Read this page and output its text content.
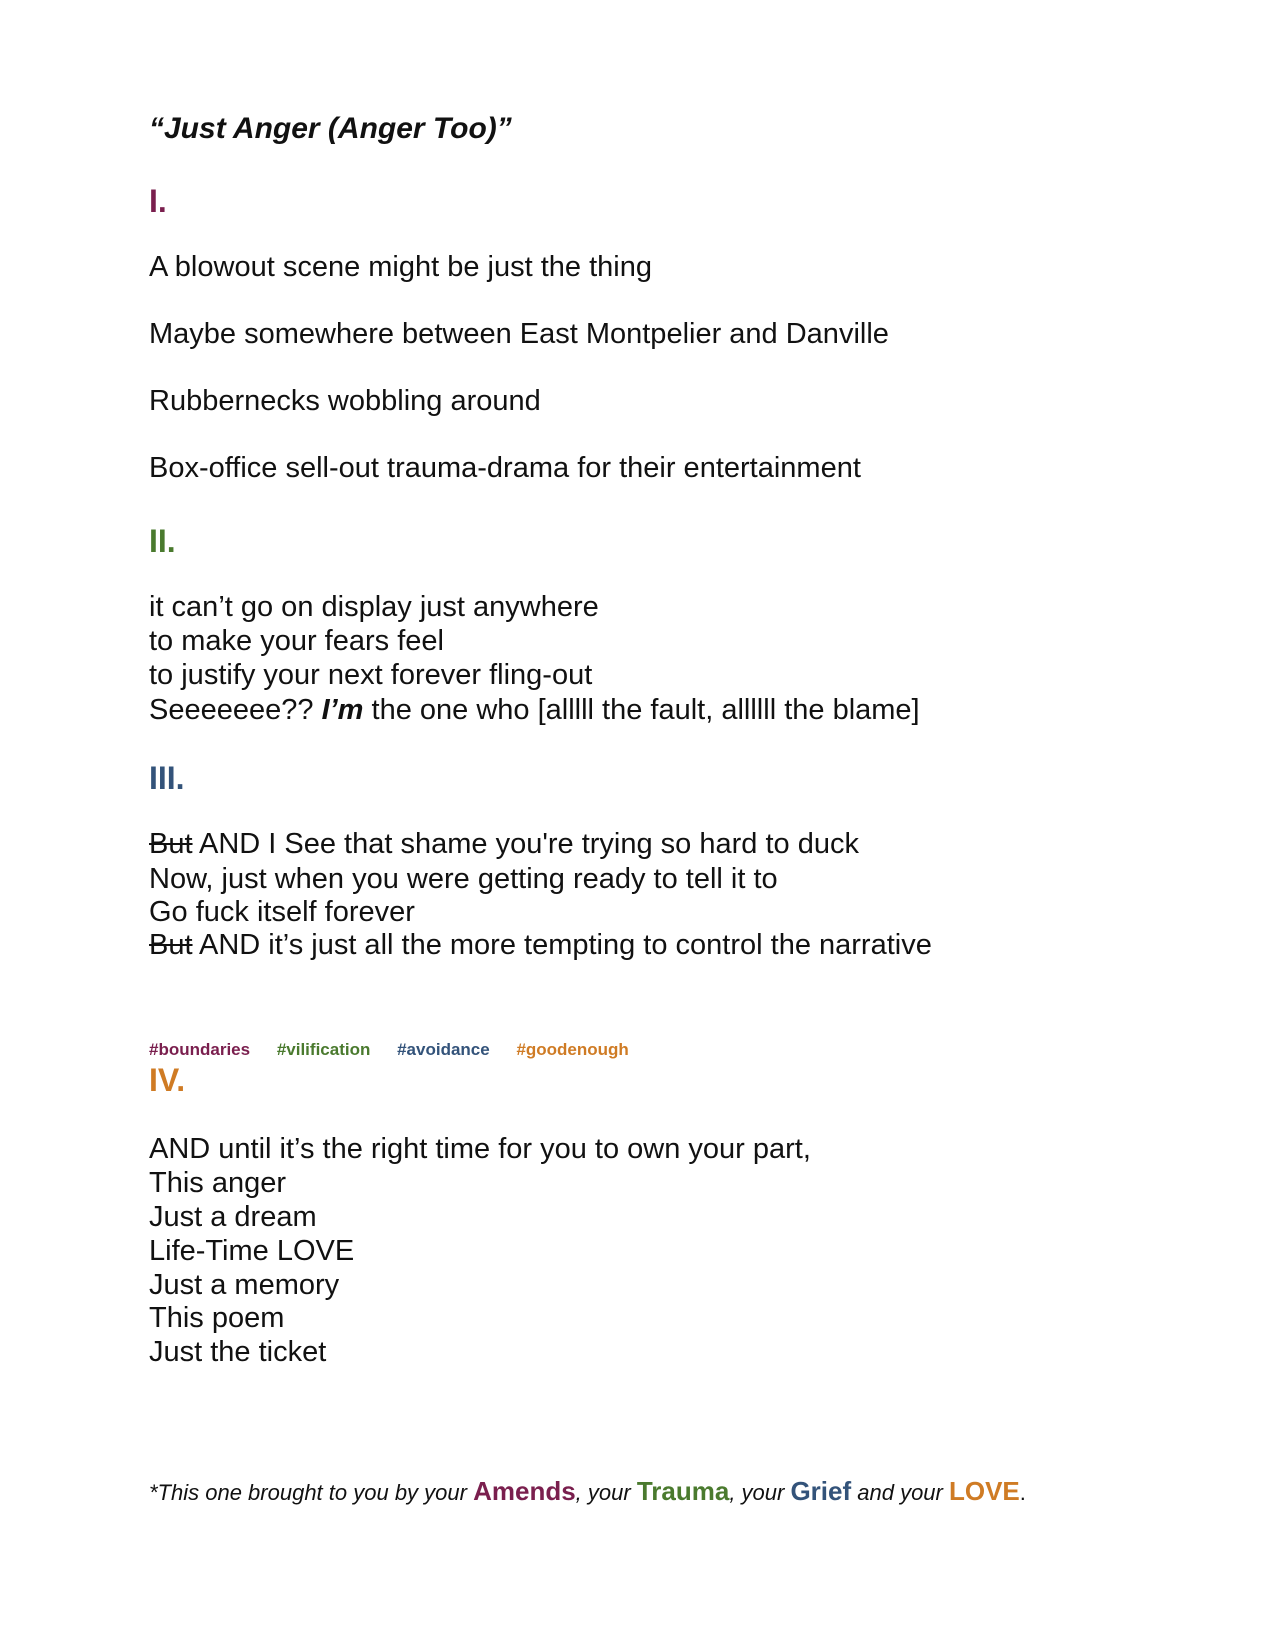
“Just Anger (Anger Too)”
I.
A blowout scene might be just the thing
Maybe somewhere between East Montpelier and Danville
Rubbernecks wobbling around
Box-office sell-out trauma-drama for their entertainment
II.
it can’t go on display just anywhere
to make your fears feel
to justify your next forever fling-out
Seeeeeee?? I’m the one who [alllll the fault, allllll the blame]
III.
But AND I See that shame you're trying so hard to duck
Now, just when you were getting ready to tell it to
Go fuck itself forever
But AND it’s just all the more tempting to control the narrative
#boundaries #vilification #avoidance #goodenough
IV.
AND until it’s the right time for you to own your part,
This anger
Just a dream
Life-Time LOVE
Just a memory
This poem
Just the ticket
*This one brought to you by your Amends, your Trauma, your Grief and your LOVE.
